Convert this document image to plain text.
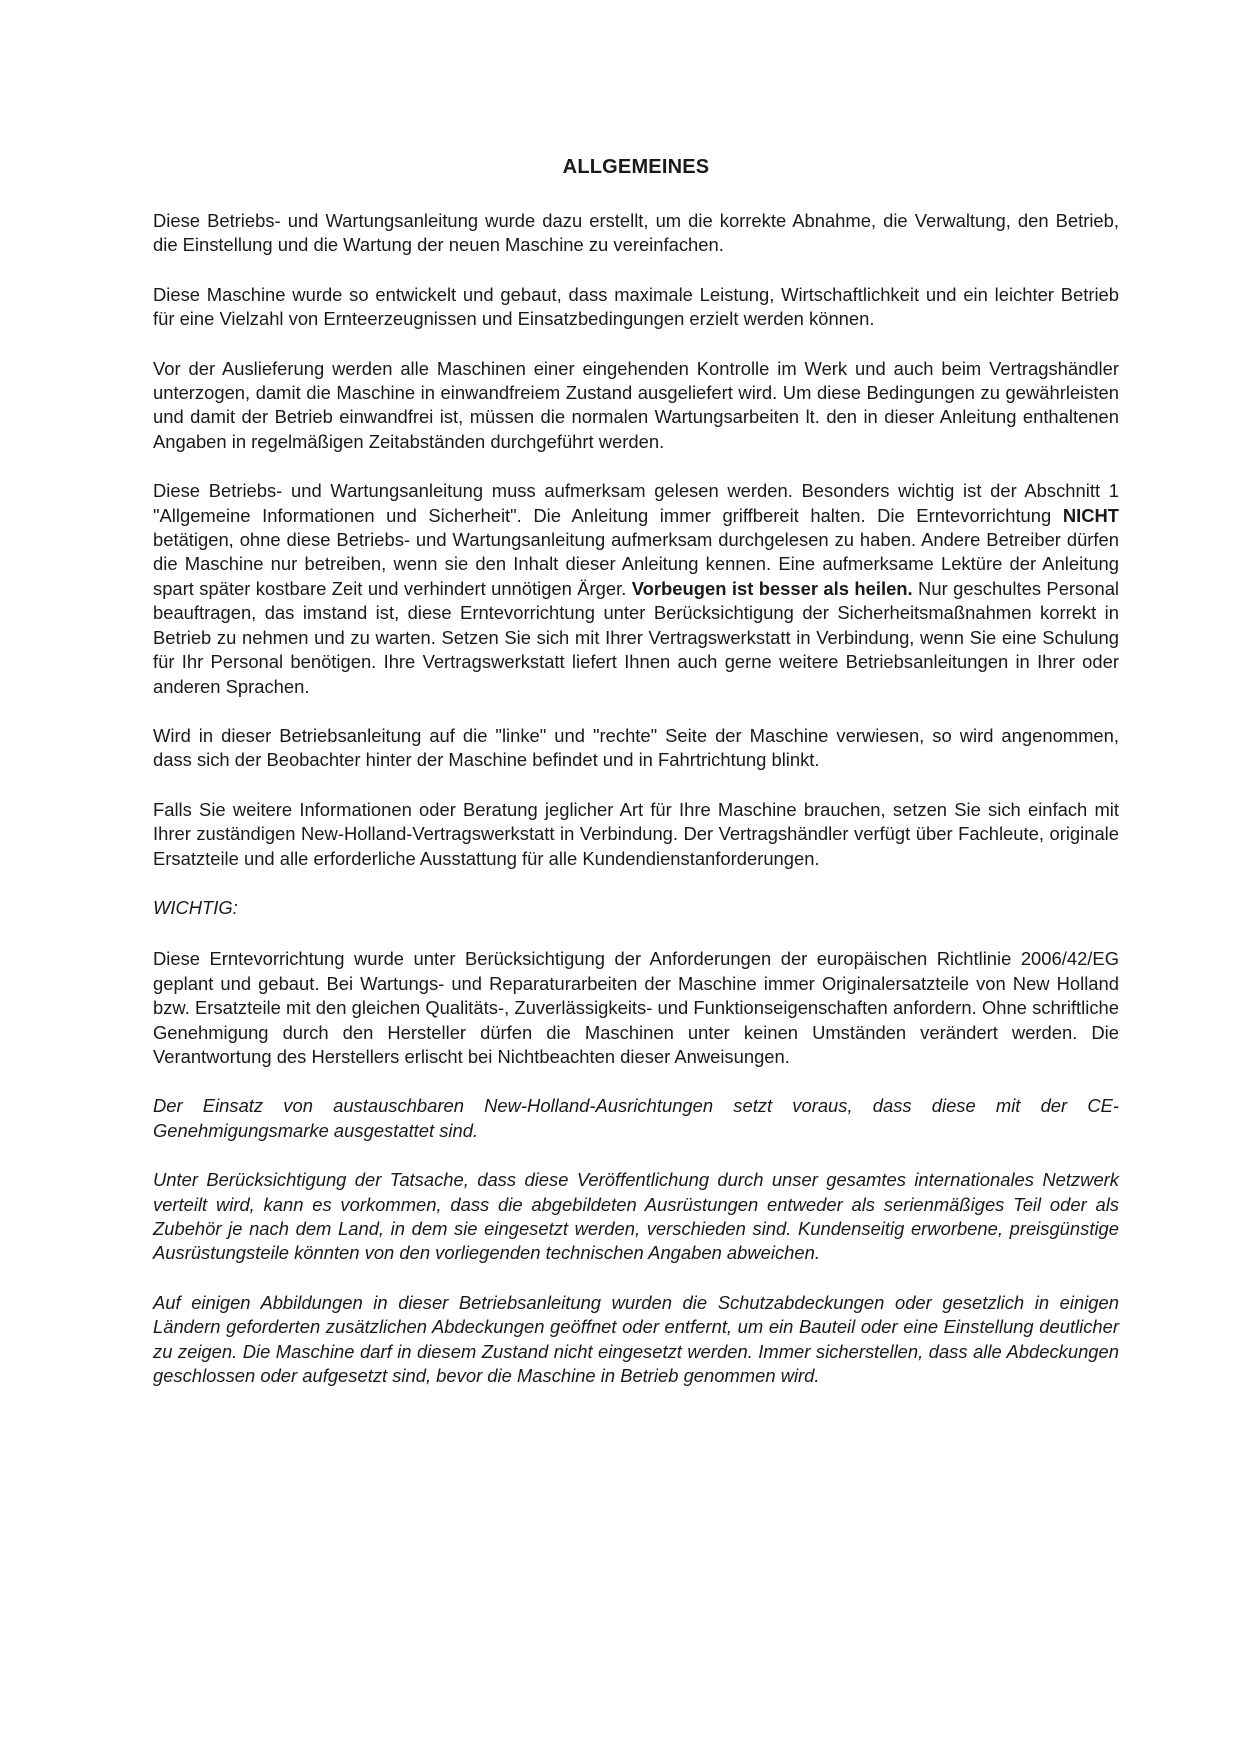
ALLGEMEINES

Diese Betriebs- und Wartungsanleitung wurde dazu erstellt, um die korrekte Abnahme, die Verwaltung, den Betrieb, die Einstellung und die Wartung der neuen Maschine zu vereinfachen.

Diese Maschine wurde so entwickelt und gebaut, dass maximale Leistung, Wirtschaftlichkeit und ein leichter Betrieb für eine Vielzahl von Ernteerzeugnissen und Einsatzbedingungen erzielt werden können.

Vor der Auslieferung werden alle Maschinen einer eingehenden Kontrolle im Werk und auch beim Vertragshändler unterzogen, damit die Maschine in einwandfreiem Zustand ausgeliefert wird. Um diese Bedingungen zu gewährleisten und damit der Betrieb einwandfrei ist, müssen die normalen Wartungsarbeiten lt. den in dieser Anleitung enthaltenen Angaben in regelmäßigen Zeitabständen durchgeführt werden.

Diese Betriebs- und Wartungsanleitung muss aufmerksam gelesen werden. Besonders wichtig ist der Abschnitt 1 "Allgemeine Informationen und Sicherheit". Die Anleitung immer griffbereit halten. Die Erntevorrichtung NICHT betätigen, ohne diese Betriebs- und Wartungsanleitung aufmerksam durchgelesen zu haben. Andere Betreiber dürfen die Maschine nur betreiben, wenn sie den Inhalt dieser Anleitung kennen. Eine aufmerksame Lektüre der Anleitung spart später kostbare Zeit und verhindert unnötigen Ärger. Vorbeugen ist besser als heilen. Nur geschultes Personal beauftragen, das imstand ist, diese Erntevorrichtung unter Berücksichtigung der Sicherheitsmaßnahmen korrekt in Betrieb zu nehmen und zu warten. Setzen Sie sich mit Ihrer Vertragswerkstatt in Verbindung, wenn Sie eine Schulung für Ihr Personal benötigen. Ihre Vertragswerkstatt liefert Ihnen auch gerne weitere Betriebsanleitungen in Ihrer oder anderen Sprachen.

Wird in dieser Betriebsanleitung auf die "linke" und "rechte" Seite der Maschine verwiesen, so wird angenommen, dass sich der Beobachter hinter der Maschine befindet und in Fahrtrichtung blinkt.

Falls Sie weitere Informationen oder Beratung jeglicher Art für Ihre Maschine brauchen, setzen Sie sich einfach mit Ihrer zuständigen New-Holland-Vertragswerkstatt in Verbindung. Der Vertragshändler verfügt über Fachleute, originale Ersatzteile und alle erforderliche Ausstattung für alle Kundendienstanforderungen.

WICHTIG:

Diese Erntevorrichtung wurde unter Berücksichtigung der Anforderungen der europäischen Richtlinie 2006/42/EG geplant und gebaut. Bei Wartungs- und Reparaturarbeiten der Maschine immer Originalersatzteile von New Holland bzw. Ersatzteile mit den gleichen Qualitäts-, Zuverlässigkeits- und Funktionseigenschaften anfordern. Ohne schriftliche Genehmigung durch den Hersteller dürfen die Maschinen unter keinen Umständen verändert werden. Die Verantwortung des Herstellers erlischt bei Nichtbeachten dieser Anweisungen.

Der Einsatz von austauschbaren New-Holland-Ausrichtungen setzt voraus, dass diese mit der CE-Genehmigungsmarke ausgestattet sind.

Unter Berücksichtigung der Tatsache, dass diese Veröffentlichung durch unser gesamtes internationales Netzwerk verteilt wird, kann es vorkommen, dass die abgebildeten Ausrüstungen entweder als serienmäßiges Teil oder als Zubehör je nach dem Land, in dem sie eingesetzt werden, verschieden sind. Kundenseitig erworbene, preisgünstige Ausrüstungsteile könnten von den vorliegenden technischen Angaben abweichen.

Auf einigen Abbildungen in dieser Betriebsanleitung wurden die Schutzabdeckungen oder gesetzlich in einigen Ländern geforderten zusätzlichen Abdeckungen geöffnet oder entfernt, um ein Bauteil oder eine Einstellung deutlicher zu zeigen. Die Maschine darf in diesem Zustand nicht eingesetzt werden. Immer sicherstellen, dass alle Abdeckungen geschlossen oder aufgesetzt sind, bevor die Maschine in Betrieb genommen wird.
